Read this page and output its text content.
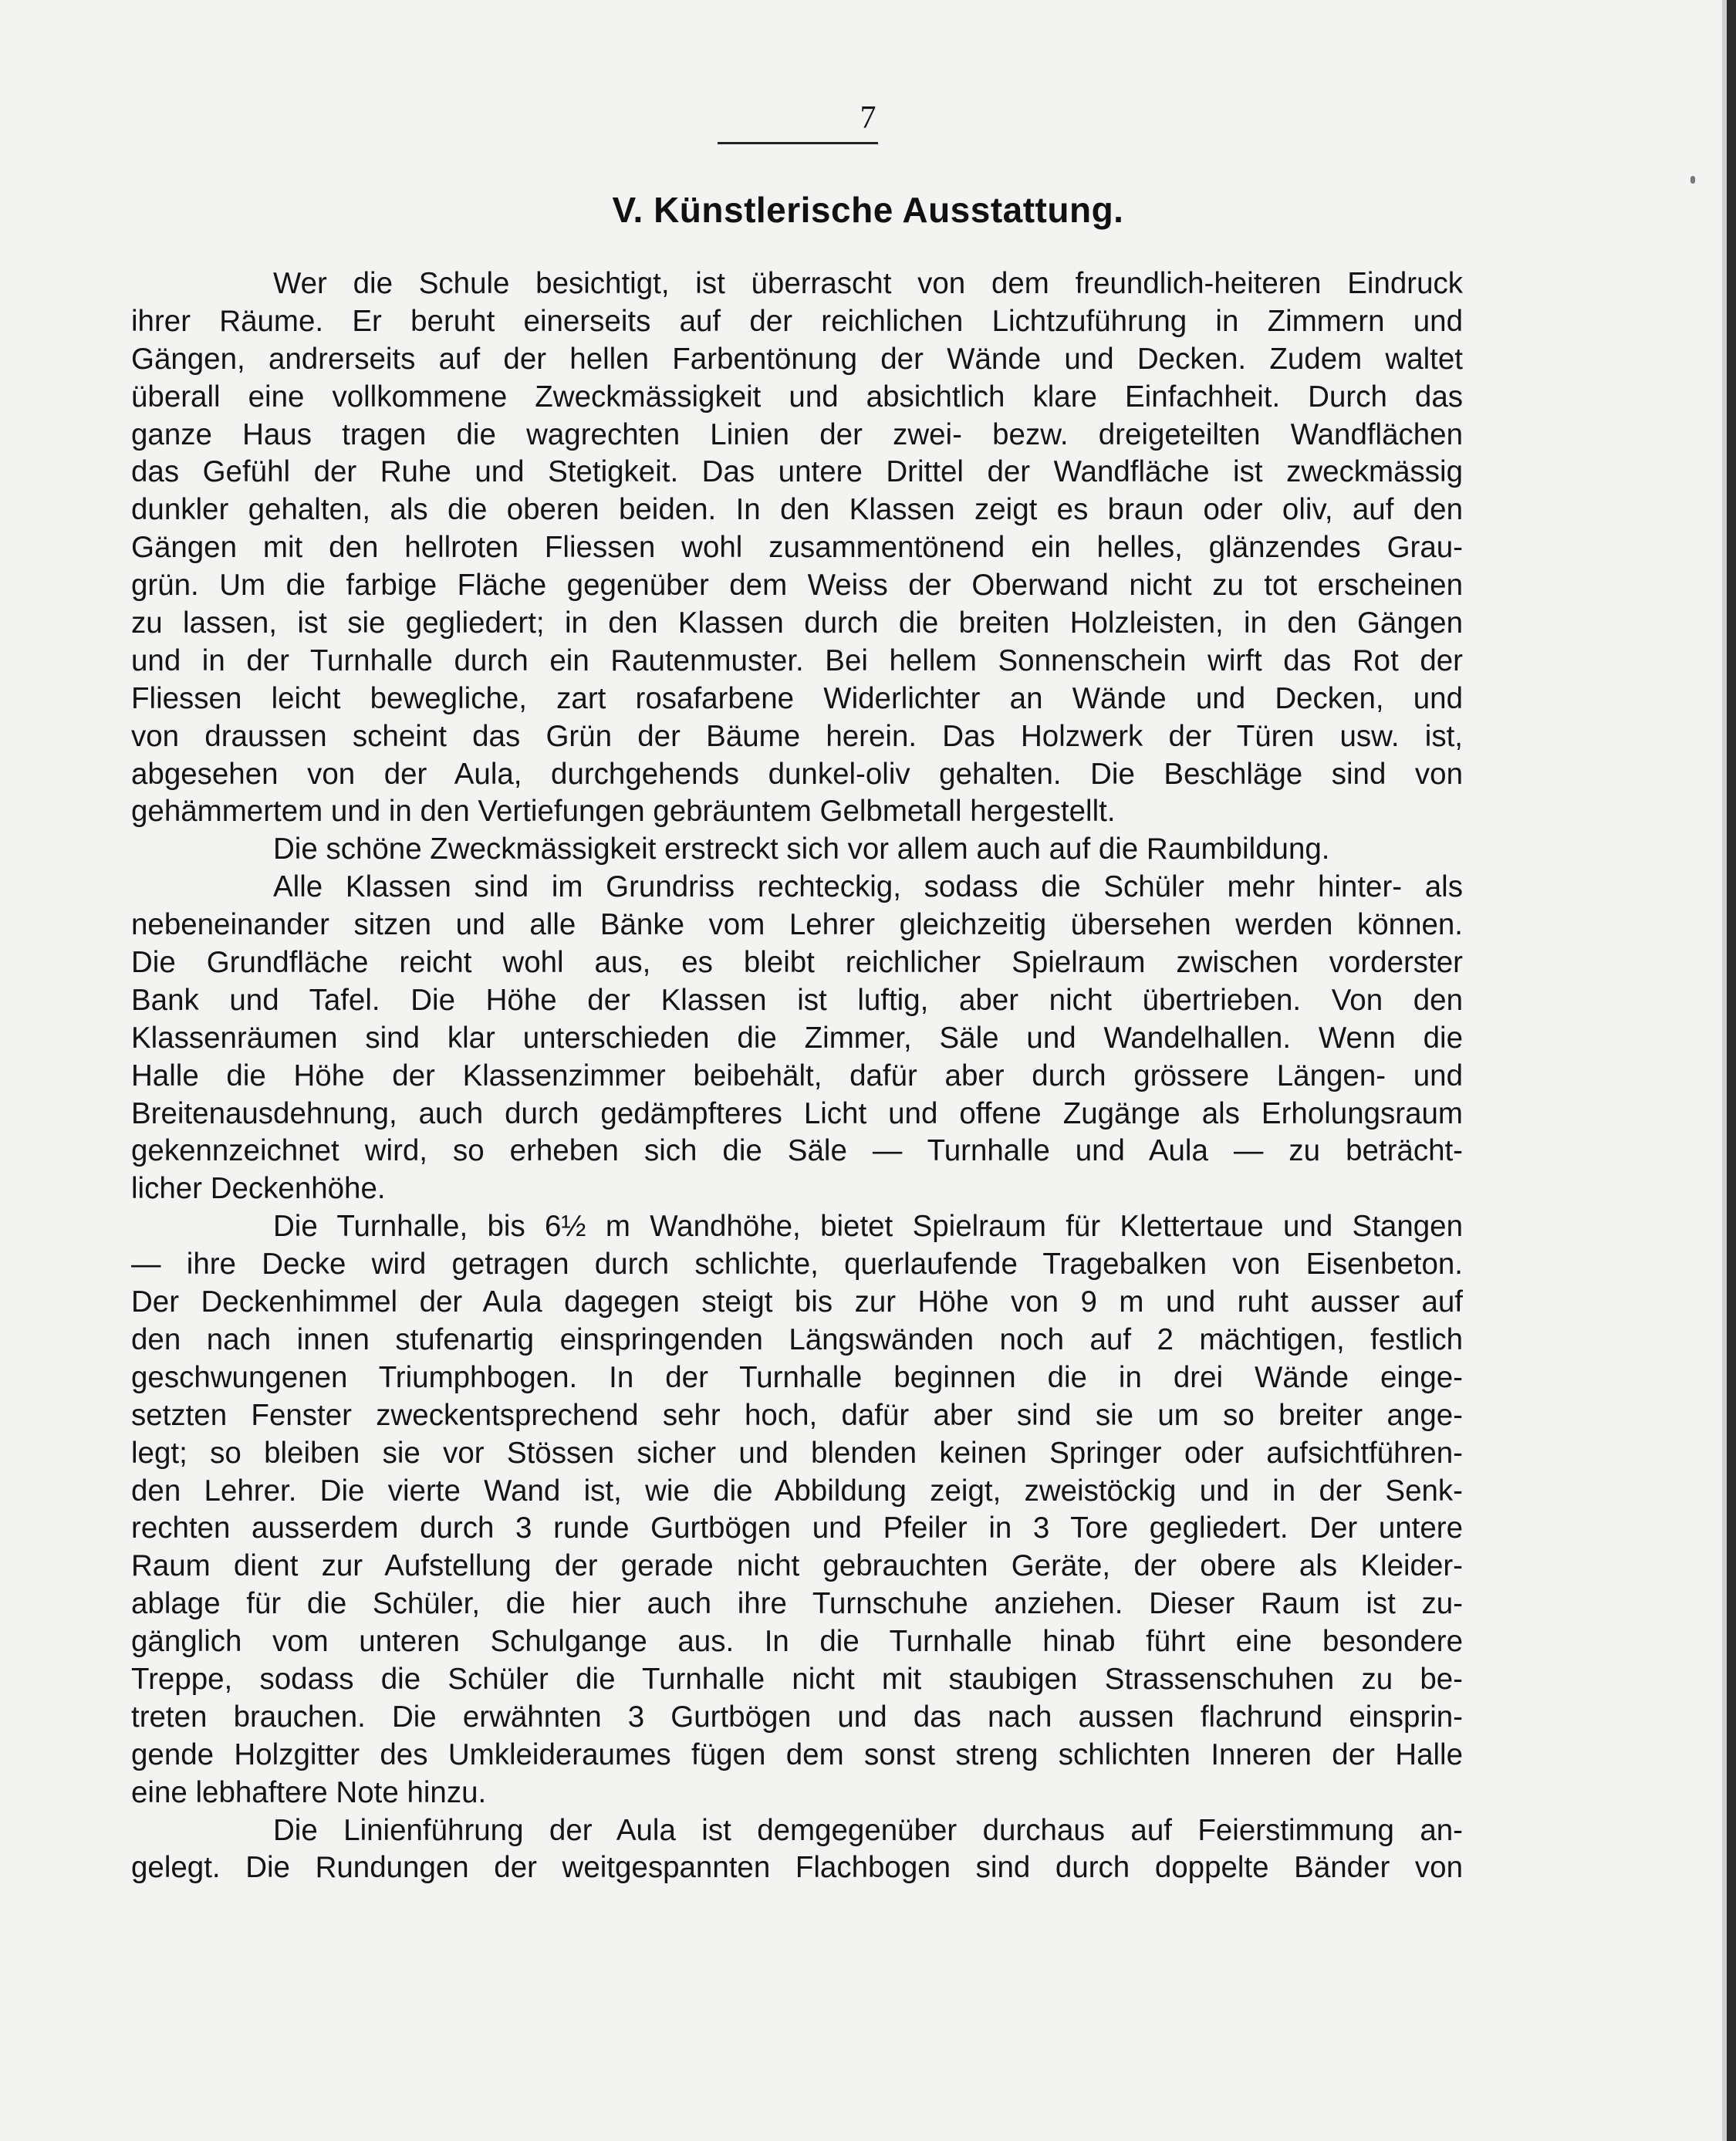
7
V. Künstlerische Ausstattung.
Wer die Schule besichtigt, ist überrascht von dem freundlich-heiteren Eindruck
ihrer Räume. Er beruht einerseits auf der reichlichen Lichtzuführung in Zimmern und
Gängen, andrerseits auf der hellen Farbentönung der Wände und Decken. Zudem waltet
überall eine vollkommene Zweckmässigkeit und absichtlich klare Einfachheit. Durch das
ganze Haus tragen die wagrechten Linien der zwei- bezw. dreigeteilten Wandflächen
das Gefühl der Ruhe und Stetigkeit. Das untere Drittel der Wandfläche ist zweckmässig
dunkler gehalten, als die oberen beiden. In den Klassen zeigt es braun oder oliv, auf den
Gängen mit den hellroten Fliessen wohl zusammentönend ein helles, glänzendes Grau-
grün. Um die farbige Fläche gegenüber dem Weiss der Oberwand nicht zu tot erscheinen
zu lassen, ist sie gegliedert; in den Klassen durch die breiten Holzleisten, in den Gängen
und in der Turnhalle durch ein Rautenmuster. Bei hellem Sonnenschein wirft das Rot der
Fliessen leicht bewegliche, zart rosafarbene Widerlichter an Wände und Decken, und
von draussen scheint das Grün der Bäume herein. Das Holzwerk der Türen usw. ist,
abgesehen von der Aula, durchgehends dunkel-oliv gehalten. Die Beschläge sind von
gehämmertem und in den Vertiefungen gebräuntem Gelbmetall hergestellt.
Die schöne Zweckmässigkeit erstreckt sich vor allem auch auf die Raumbildung.
Alle Klassen sind im Grundriss rechteckig, sodass die Schüler mehr hinter- als
nebeneinander sitzen und alle Bänke vom Lehrer gleichzeitig übersehen werden können.
Die Grundfläche reicht wohl aus, es bleibt reichlicher Spielraum zwischen vorderster
Bank und Tafel. Die Höhe der Klassen ist luftig, aber nicht übertrieben. Von den
Klassenräumen sind klar unterschieden die Zimmer, Säle und Wandelhallen. Wenn die
Halle die Höhe der Klassenzimmer beibehält, dafür aber durch grössere Längen- und
Breitenausdehnung, auch durch gedämpfteres Licht und offene Zugänge als Erholungsraum
gekennzeichnet wird, so erheben sich die Säle — Turnhalle und Aula — zu beträcht-
licher Deckenhöhe.
Die Turnhalle, bis 6½ m Wandhöhe, bietet Spielraum für Klettertaue und Stangen
— ihre Decke wird getragen durch schlichte, querlaufende Tragebalken von Eisenbeton.
Der Deckenhimmel der Aula dagegen steigt bis zur Höhe von 9 m und ruht ausser auf
den nach innen stufenartig einspringenden Längswänden noch auf 2 mächtigen, festlich
geschwungenen Triumphbogen. In der Turnhalle beginnen die in drei Wände einge-
setzten Fenster zweckentsprechend sehr hoch, dafür aber sind sie um so breiter ange-
legt; so bleiben sie vor Stössen sicher und blenden keinen Springer oder aufsichtführen-
den Lehrer. Die vierte Wand ist, wie die Abbildung zeigt, zweistöckig und in der Senk-
rechten ausserdem durch 3 runde Gurtbögen und Pfeiler in 3 Tore gegliedert. Der untere
Raum dient zur Aufstellung der gerade nicht gebrauchten Geräte, der obere als Kleider-
ablage für die Schüler, die hier auch ihre Turnschuhe anziehen. Dieser Raum ist zu-
gänglich vom unteren Schulgange aus. In die Turnhalle hinab führt eine besondere
Treppe, sodass die Schüler die Turnhalle nicht mit staubigen Strassenschuhen zu be-
treten brauchen. Die erwähnten 3 Gurtbögen und das nach aussen flachrund einsprin-
gende Holzgitter des Umkleideraumes fügen dem sonst streng schlichten Inneren der Halle
eine lebhaftere Note hinzu.
Die Linienführung der Aula ist demgegenüber durchaus auf Feierstimmung an-
gelegt. Die Rundungen der weitgespannten Flachbogen sind durch doppelte Bänder von
